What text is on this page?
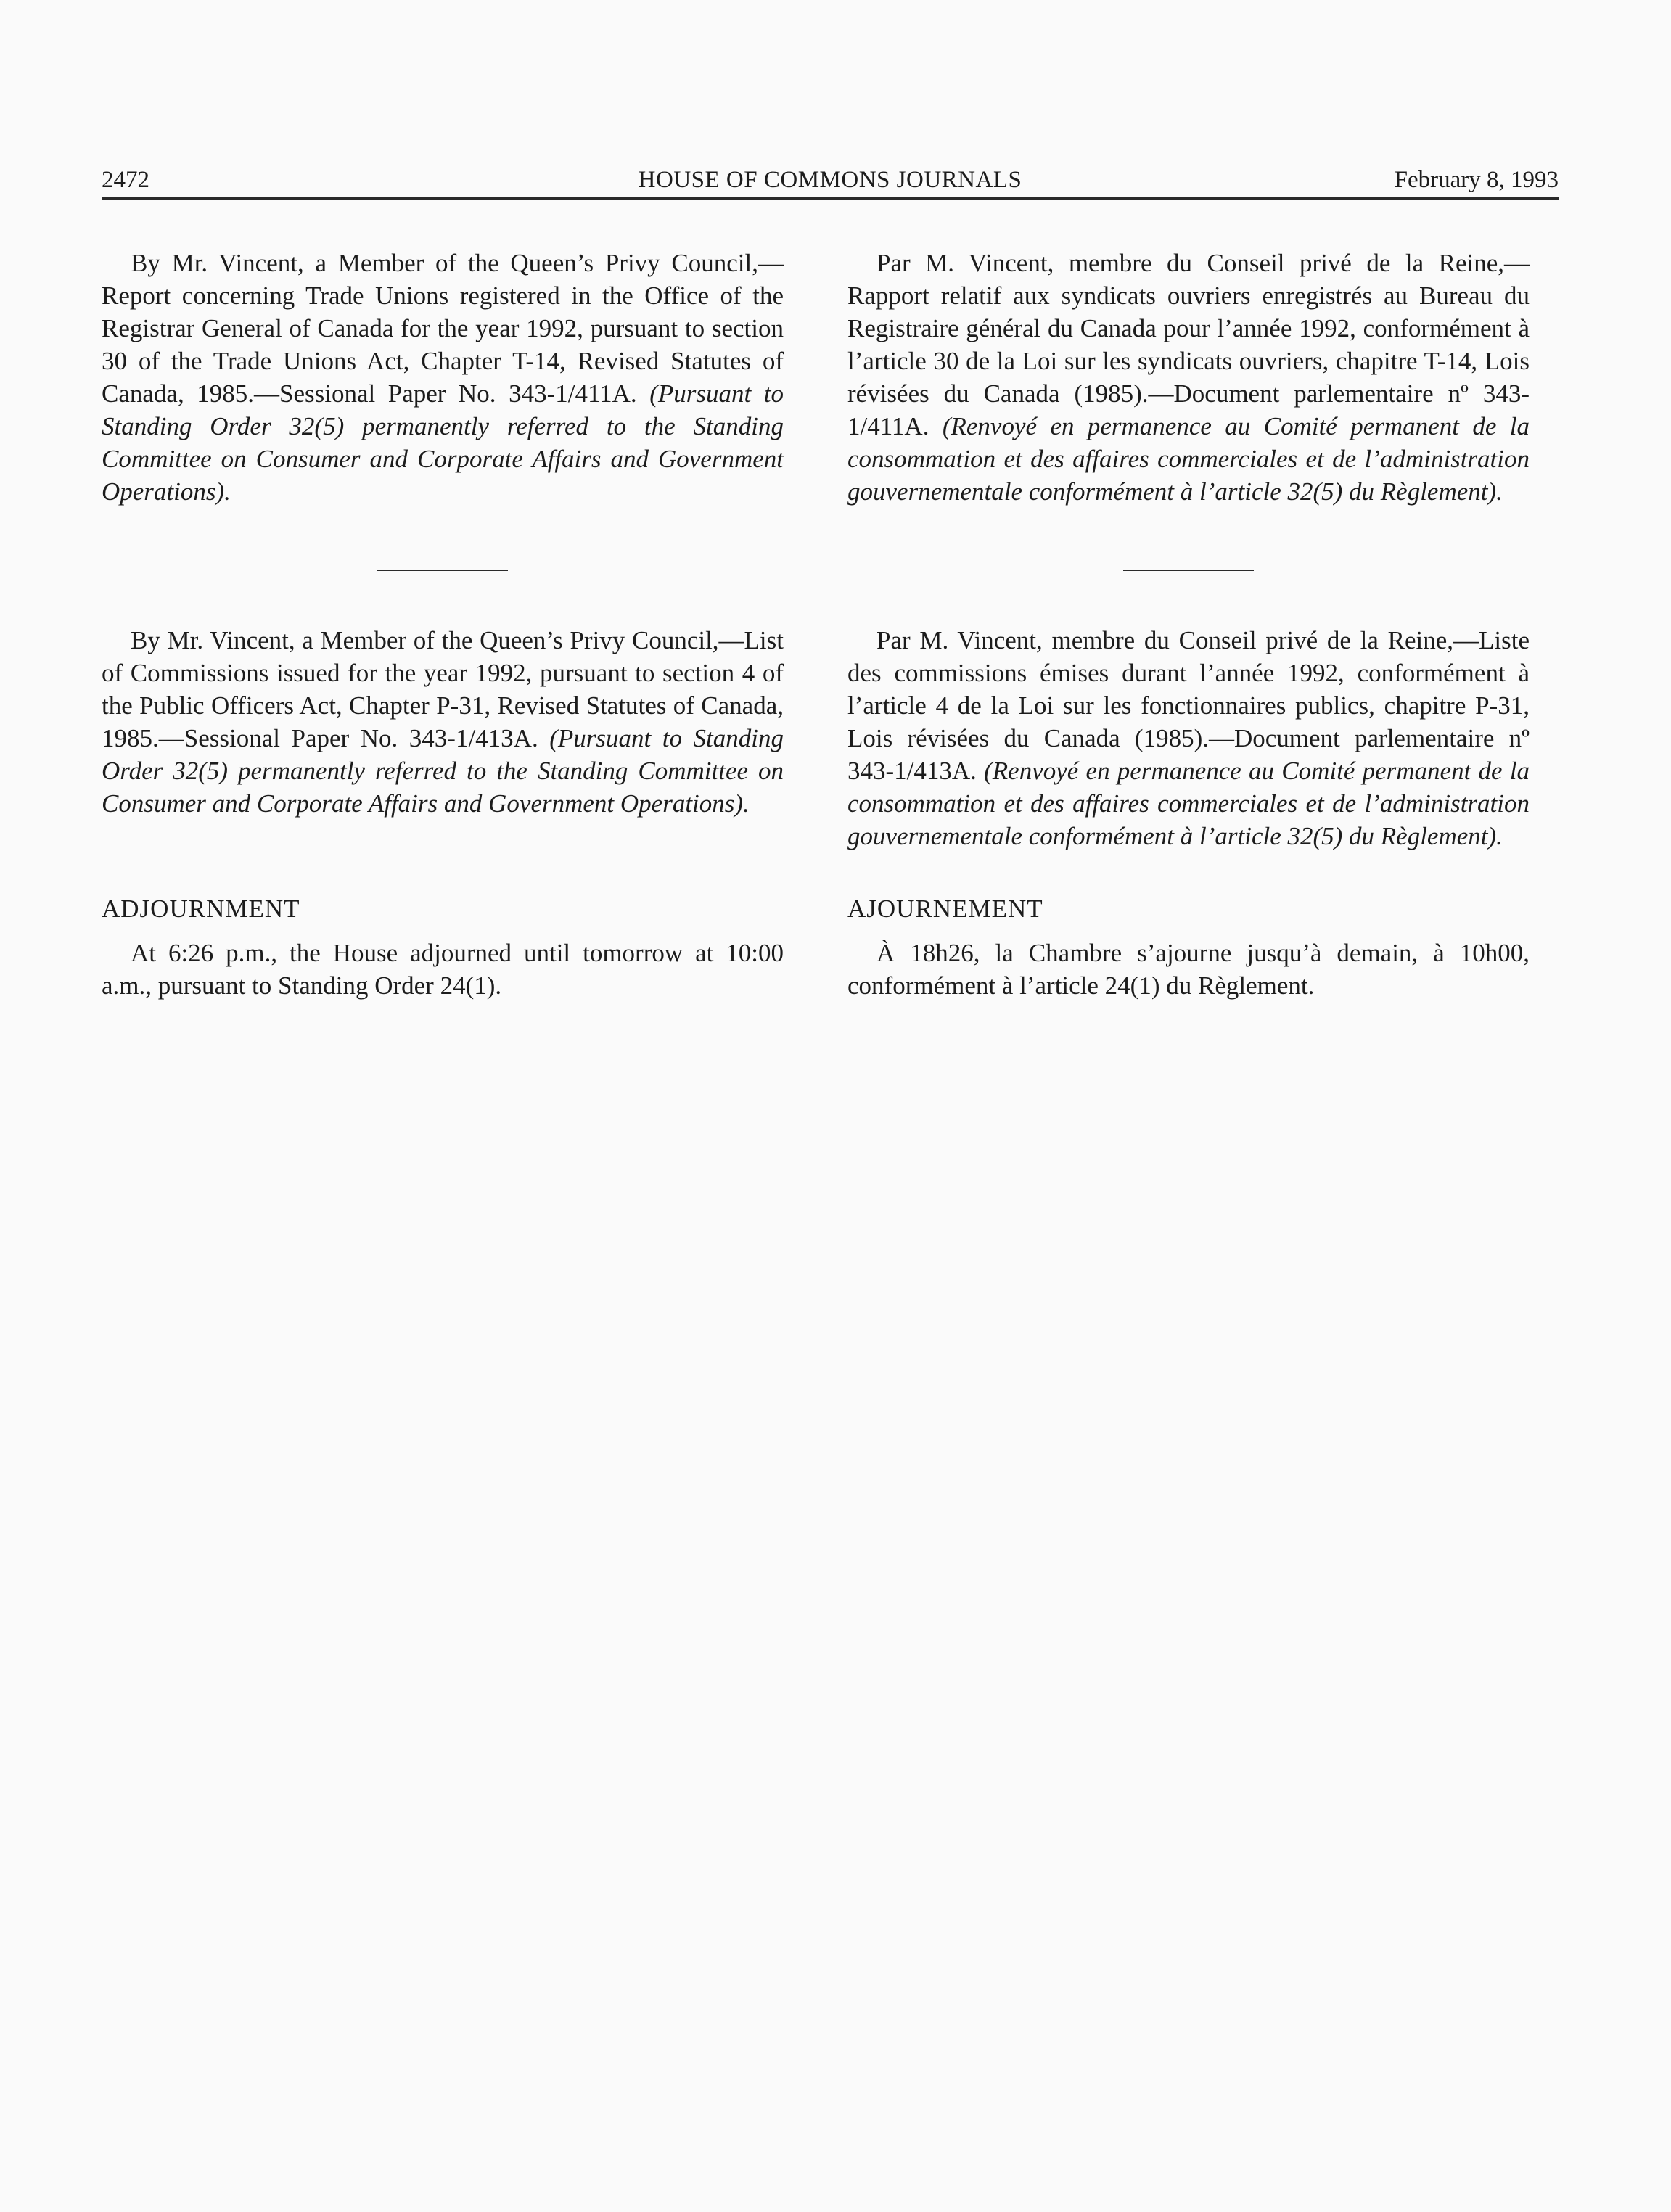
2472	HOUSE OF COMMONS JOURNALS	February 8, 1993

By Mr. Vincent, a Member of the Queen’s Privy Council,—Report concerning Trade Unions registered in the Office of the Registrar General of Canada for the year 1992, pursuant to section 30 of the Trade Unions Act, Chapter T-14, Revised Statutes of Canada, 1985.—Sessional Paper No. 343-1/411A. (Pursuant to Standing Order 32(5) permanently referred to the Standing Committee on Consumer and Corporate Affairs and Government Operations).

By Mr. Vincent, a Member of the Queen’s Privy Council,—List of Commissions issued for the year 1992, pursuant to section 4 of the Public Officers Act, Chapter P-31, Revised Statutes of Canada, 1985.—Sessional Paper No. 343-1/413A. (Pursuant to Standing Order 32(5) permanently referred to the Standing Committee on Consumer and Corporate Affairs and Government Operations).

ADJOURNMENT

At 6:26 p.m., the House adjourned until tomorrow at 10:00 a.m., pursuant to Standing Order 24(1).

Par M. Vincent, membre du Conseil privé de la Reine,—Rapport relatif aux syndicats ouvriers enregistrés au Bureau du Registraire général du Canada pour l’année 1992, conformément à l’article 30 de la Loi sur les syndicats ouvriers, chapitre T-14, Lois révisées du Canada (1985).—Document parlementaire nº 343-1/411A. (Renvoyé en permanence au Comité permanent de la consommation et des affaires commerciales et de l’administration gouvernementale conformément à l’article 32(5) du Règlement).

Par M. Vincent, membre du Conseil privé de la Reine,—Liste des commissions émises durant l’année 1992, conformément à l’article 4 de la Loi sur les fonctionnaires publics, chapitre P-31, Lois révisées du Canada (1985).—Document parlementaire nº 343-1/413A. (Renvoyé en permanence au Comité permanent de la consommation et des affaires commerciales et de l’administration gouvernementale conformément à l’article 32(5) du Règlement).

AJOURNEMENT

À 18h26, la Chambre s’ajourne jusqu’à demain, à 10h00, conformément à l’article 24(1) du Règlement.
